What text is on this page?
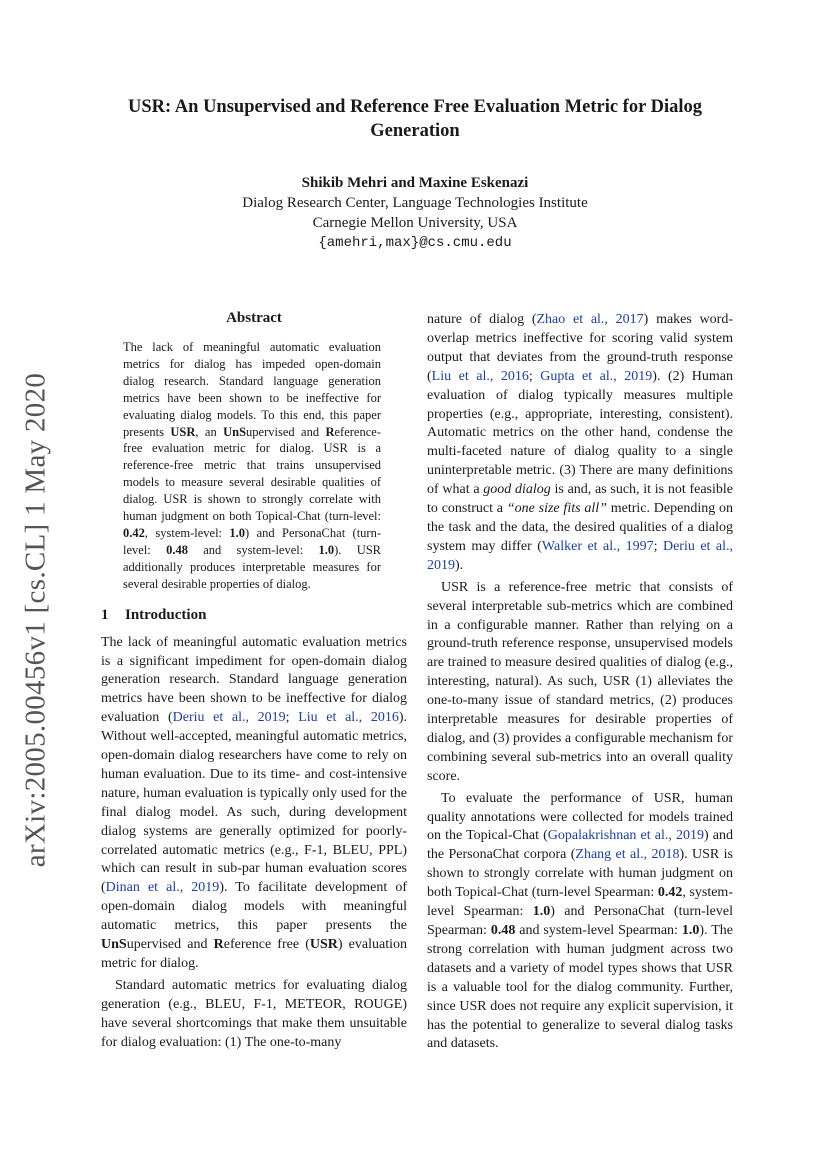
arXiv:2005.00456v1 [cs.CL] 1 May 2020
USR: An Unsupervised and Reference Free Evaluation Metric for Dialog Generation
Shikib Mehri and Maxine Eskenazi
Dialog Research Center, Language Technologies Institute
Carnegie Mellon University, USA
{amehri,max}@cs.cmu.edu
Abstract
The lack of meaningful automatic evaluation metrics for dialog has impeded open-domain dialog research. Standard language generation metrics have been shown to be ineffective for evaluating dialog models. To this end, this paper presents USR, an UnSupervised and Reference-free evaluation metric for dialog. USR is a reference-free metric that trains unsupervised models to measure several desirable qualities of dialog. USR is shown to strongly correlate with human judgment on both Topical-Chat (turn-level: 0.42, system-level: 1.0) and PersonaChat (turn-level: 0.48 and system-level: 1.0). USR additionally produces interpretable measures for several desirable properties of dialog.
1 Introduction

The lack of meaningful automatic evaluation metrics is a significant impediment for open-domain dialog generation research. Standard language generation metrics have been shown to be ineffective for dialog evaluation (Deriu et al., 2019; Liu et al., 2016). Without well-accepted, meaningful automatic metrics, open-domain dialog researchers have come to rely on human evaluation. Due to its time- and cost-intensive nature, human evaluation is typically only used for the final dialog model. As such, during development dialog systems are generally optimized for poorly-correlated automatic metrics (e.g., F-1, BLEU, PPL) which can result in sub-par human evaluation scores (Dinan et al., 2019). To facilitate development of open-domain dialog models with meaningful automatic metrics, this paper presents the UnSupervised and Reference free (USR) evaluation metric for dialog.

Standard automatic metrics for evaluating dialog generation (e.g., BLEU, F-1, METEOR, ROUGE) have several shortcomings that make them unsuitable for dialog evaluation: (1) The one-to-many

nature of dialog (Zhao et al., 2017) makes word-overlap metrics ineffective for scoring valid system output that deviates from the ground-truth response (Liu et al., 2016; Gupta et al., 2019). (2) Human evaluation of dialog typically measures multiple properties (e.g., appropriate, interesting, consistent). Automatic metrics on the other hand, condense the multi-faceted nature of dialog quality to a single uninterpretable metric. (3) There are many definitions of what a good dialog is and, as such, it is not feasible to construct a “one size fits all” metric. Depending on the task and the data, the desired qualities of a dialog system may differ (Walker et al., 1997; Deriu et al., 2019).

USR is a reference-free metric that consists of several interpretable sub-metrics which are combined in a configurable manner. Rather than relying on a ground-truth reference response, unsupervised models are trained to measure desired qualities of dialog (e.g., interesting, natural). As such, USR (1) alleviates the one-to-many issue of standard metrics, (2) produces interpretable measures for desirable properties of dialog, and (3) provides a configurable mechanism for combining several sub-metrics into an overall quality score.

To evaluate the performance of USR, human quality annotations were collected for models trained on the Topical-Chat (Gopalakrishnan et al., 2019) and the PersonaChat corpora (Zhang et al., 2018). USR is shown to strongly correlate with human judgment on both Topical-Chat (turn-level Spearman: 0.42, system-level Spearman: 1.0) and PersonaChat (turn-level Spearman: 0.48 and system-level Spearman: 1.0). The strong correlation with human judgment across two datasets and a variety of model types shows that USR is a valuable tool for the dialog community. Further, since USR does not require any explicit supervision, it has the potential to generalize to several dialog tasks and datasets.
